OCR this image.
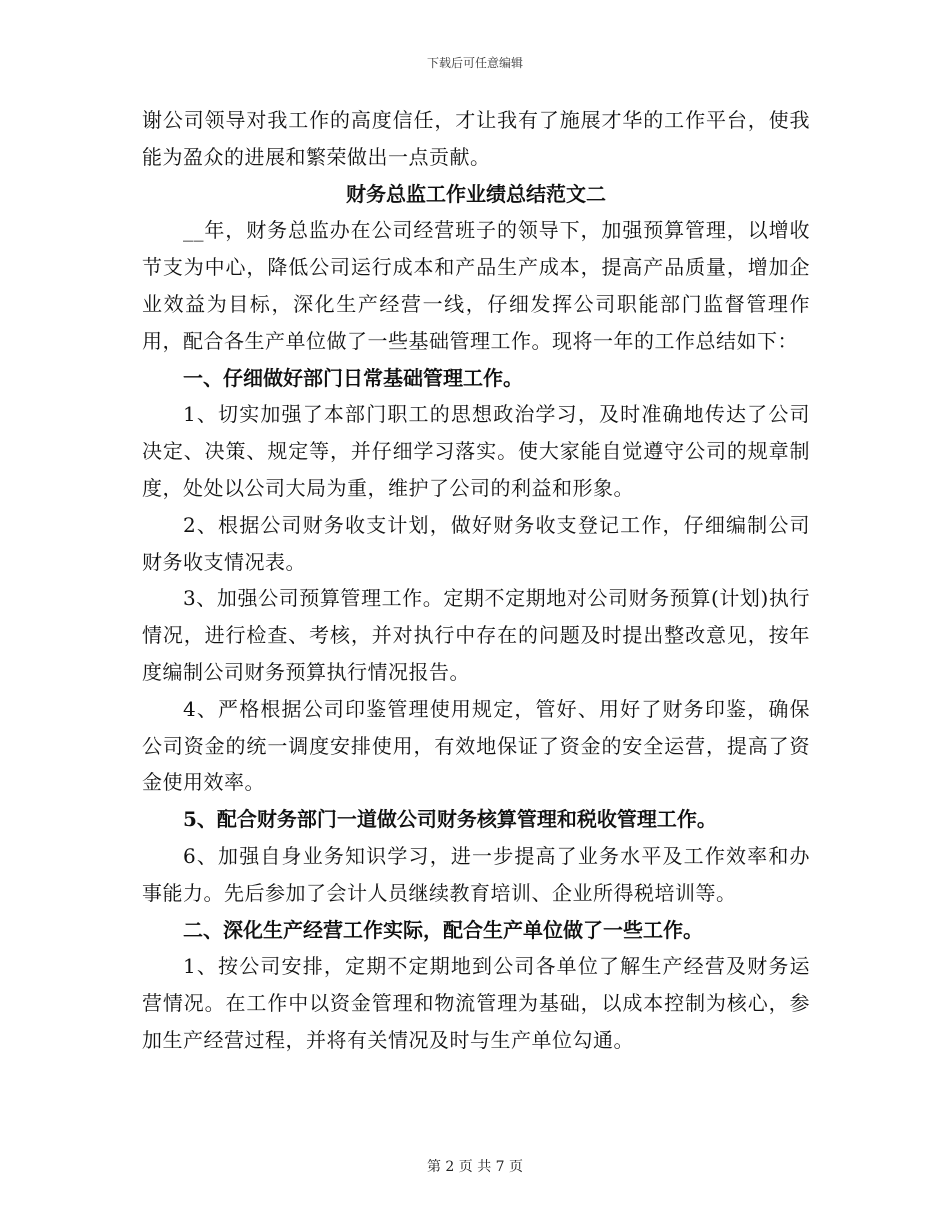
下载后可任意编辑

谢公司领导对我工作的高度信任，才让我有了施展才华的工作平台，使我能为盈众的进展和繁荣做出一点贡献。

财务总监工作业绩总结范文二

__年，财务总监办在公司经营班子的领导下，加强预算管理，以增收节支为中心，降低公司运行成本和产品生产成本，提高产品质量，增加企业效益为目标，深化生产经营一线，仔细发挥公司职能部门监督管理作用，配合各生产单位做了一些基础管理工作。现将一年的工作总结如下：

一、仔细做好部门日常基础管理工作。

1、切实加强了本部门职工的思想政治学习，及时准确地传达了公司决定、决策、规定等，并仔细学习落实。使大家能自觉遵守公司的规章制度，处处以公司大局为重，维护了公司的利益和形象。

2、根据公司财务收支计划，做好财务收支登记工作，仔细编制公司财务收支情况表。

3、加强公司预算管理工作。定期不定期地对公司财务预算(计划)执行情况，进行检查、考核，并对执行中存在的问题及时提出整改意见，按年度编制公司财务预算执行情况报告。

4、严格根据公司印鉴管理使用规定，管好、用好了财务印鉴，确保公司资金的统一调度安排使用，有效地保证了资金的安全运营，提高了资金使用效率。

5、配合财务部门一道做公司财务核算管理和税收管理工作。

6、加强自身业务知识学习，进一步提高了业务水平及工作效率和办事能力。先后参加了会计人员继续教育培训、企业所得税培训等。

二、深化生产经营工作实际，配合生产单位做了一些工作。

1、按公司安排，定期不定期地到公司各单位了解生产经营及财务运营情况。在工作中以资金管理和物流管理为基础，以成本控制为核心，参加生产经营过程，并将有关情况及时与生产单位勾通。

第 2 页 共 7 页
